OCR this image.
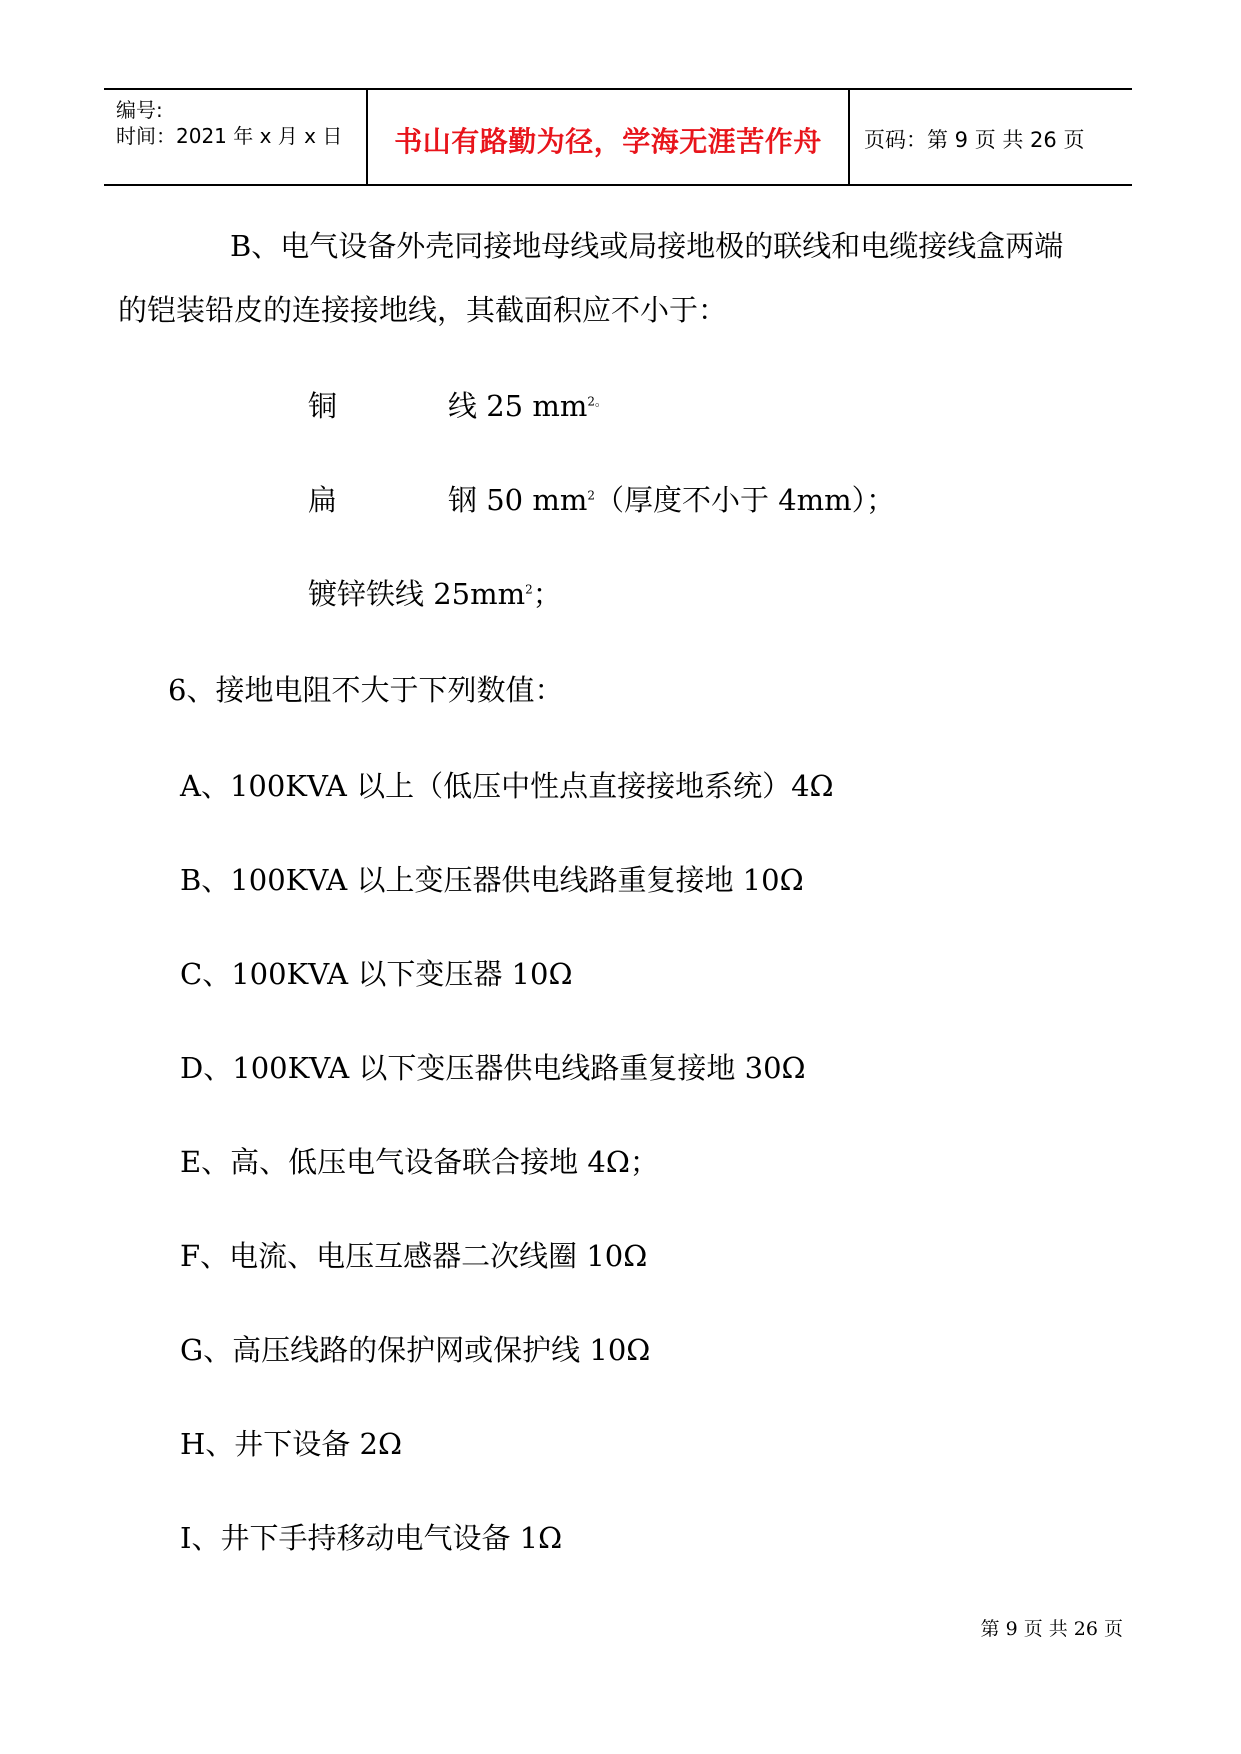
编号:
时间：2021 年 x 月 x 日	书山有路勤为径，学海无涯苦作舟	页码：第 9 页 共 26 页
B、电气设备外壳同接地母线或局接地极的联线和电缆接线盒两端
的铠装铅皮的连接接地线，其截面积应不小于：
铜	线 25 $mm^{2。}$
扁	钢 50 $mm^2$（厚度不小于 4mm）；
镀锌铁线 $25mm^2$；
6、接地电阻不大于下列数值：
A、100KVA 以上（低压中性点直接接地系统）4Ω
B、100KVA 以上变压器供电线路重复接地 10Ω
C、100KVA 以下变压器 10Ω
D、100KVA 以下变压器供电线路重复接地 30Ω
E、高、低压电气设备联合接地 4Ω；
F、电流、电压互感器二次线圈 10Ω
G、高压线路的保护网或保护线 10Ω
H、井下设备 2Ω
I、井下手持移动电气设备 1Ω
第 9 页 共 26 页
